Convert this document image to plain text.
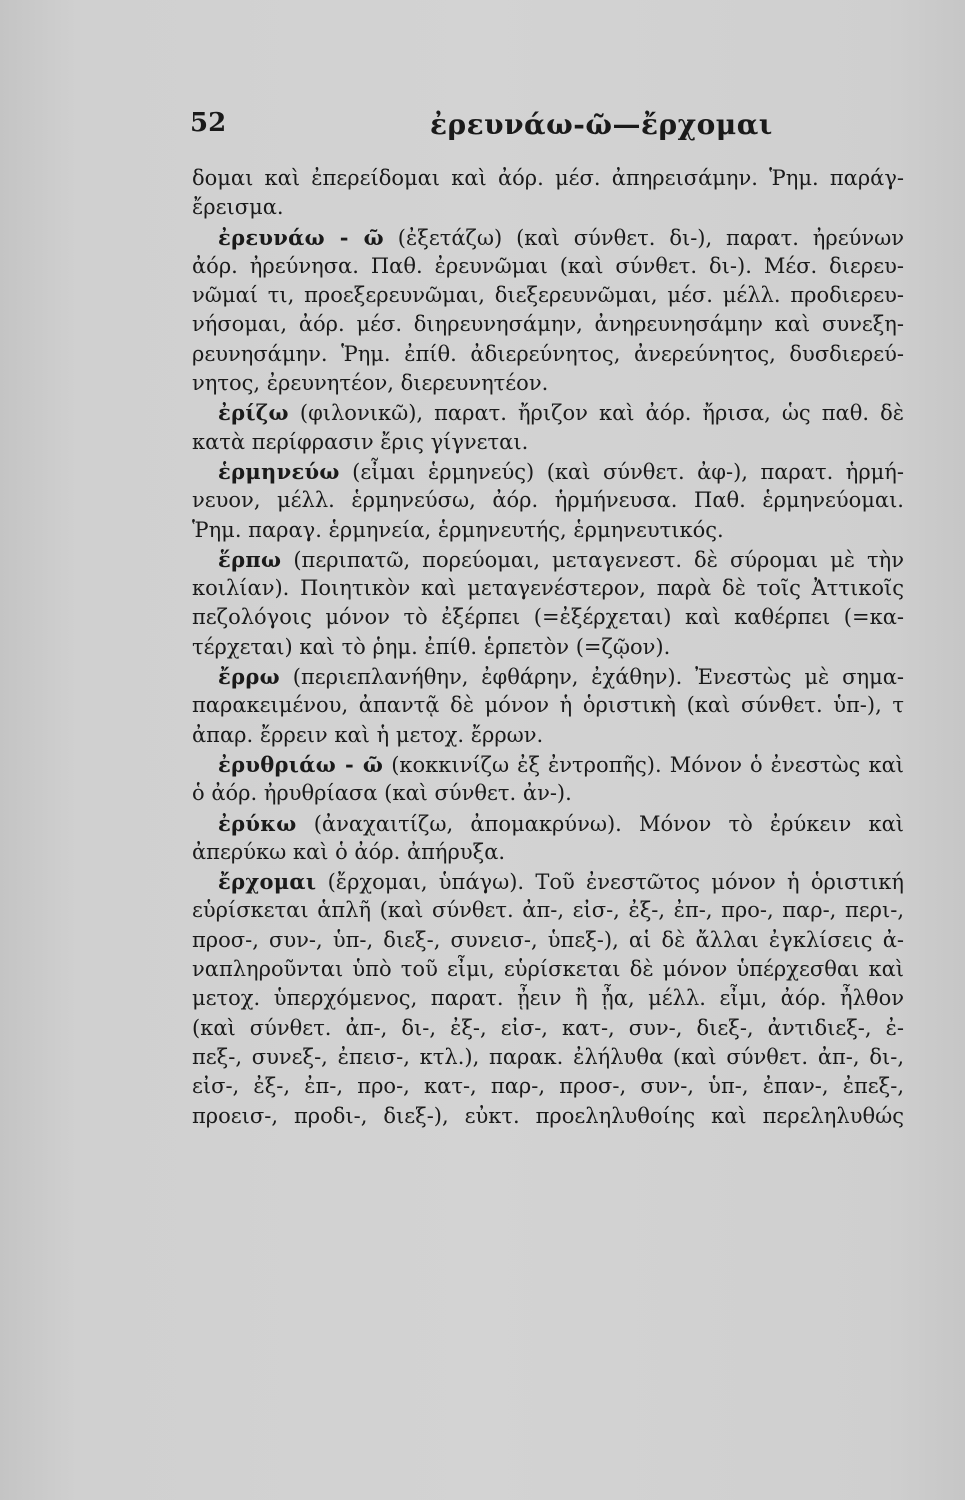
52	ἐρευνάω-ῶ—ἔρχομαι
δομαι καὶ ἐπερείδομαι καὶ ἀόρ. μέσ. ἀπηρεισάμην. Ῥημ. παράγ-
ἔρεισμα.
ἐρευνάω - ῶ (ἐξετάζω) (καὶ σύνθετ. δι-), παρατ. ἠρεύνων
ἀόρ. ἠρεύνησα. Παθ. ἐρευνῶμαι (καὶ σύνθετ. δι-). Μέσ. διερευ-
νῶμαί τι, προεξερευνῶμαι, διεξερευνῶμαι, μέσ. μέλλ. προδιερευ-
νήσομαι, ἀόρ. μέσ. διηρευνησάμην, ἀνηρευνησάμην καὶ συνεξη-
ρευνησάμην. Ῥημ. ἐπίθ. ἀδιερεύνητος, ἀνερεύνητος, δυσδιερεύ-
νητος, ἐρευνητέον, διερευνητέον.
ἐρίζω (φιλονικῶ), παρατ. ἤριζον καὶ ἀόρ. ἤρισα, ὡς παθ. δὲ
κατὰ περίφρασιν ἔρις γίγνεται.
ἑρμηνεύω (εἶμαι ἑρμηνεύς) (καὶ σύνθετ. ἀφ-), παρατ. ἡρμή-
νευον, μέλλ. ἑρμηνεύσω, ἀόρ. ἡρμήνευσα. Παθ. ἑρμηνεύομαι.
Ῥημ. παραγ. ἑρμηνεία, ἑρμηνευτής, ἑρμηνευτικός.
ἕρπω (περιπατῶ, πορεύομαι, μεταγενεστ. δὲ σύρομαι μὲ τὴν
κοιλίαν). Ποιητικὸν καὶ μεταγενέστερον, παρὰ δὲ τοῖς Ἀττικοῖς
πεζολόγοις μόνον τὸ ἐξέρπει (=ἐξέρχεται) καὶ καθέρπει (=κα-
τέρχεται) καὶ τὸ ῥημ. ἐπίθ. ἑρπετὸν (=ζῷον).
ἔρρω (περιεπλανήθην, ἐφθάρην, ἐχάθην). Ἐνεστὼς μὲ σημα-
παρακειμένου, ἀπαντᾷ δὲ μόνον ἡ ὁριστικὴ (καὶ σύνθετ. ὑπ-), τ
ἀπαρ. ἔρρειν καὶ ἡ μετοχ. ἔρρων.
ἐρυθριάω - ῶ (κοκκινίζω ἐξ ἐντροπῆς). Μόνον ὁ ἐνεστὼς καὶ
ὁ ἀόρ. ἠρυθρίασα (καὶ σύνθετ. ἀν-).
ἐρύκω (ἀναχαιτίζω, ἀπομακρύνω). Μόνον τὸ ἐρύκειν καὶ
ἀπερύκω καὶ ὁ ἀόρ. ἀπήρυξα.
ἔρχομαι (ἔρχομαι, ὑπάγω). Τοῦ ἐνεστῶτος μόνον ἡ ὁριστική
εὑρίσκεται ἁπλῆ (καὶ σύνθετ. ἀπ-, εἰσ-, ἐξ-, ἐπ-, προ-, παρ-, περι-,
προσ-, συν-, ὑπ-, διεξ-, συνεισ-, ὑπεξ-), αἱ δὲ ἄλλαι ἐγκλίσεις ἀ-
ναπληροῦνται ὑπὸ τοῦ εἶμι, εὑρίσκεται δὲ μόνον ὑπέρχεσθαι καὶ
μετοχ. ὑπερχόμενος, παρατ. ᾖειν ἢ ᾖα, μέλλ. εἶμι, ἀόρ. ἦλθον
(καὶ σύνθετ. ἀπ-, δι-, ἐξ-, εἰσ-, κατ-, συν-, διεξ-, ἀντιδιεξ-, ἐ-
πεξ-, συνεξ-, ἐπεισ-, κτλ.), παρακ. ἐλήλυθα (καὶ σύνθετ. ἀπ-, δι-,
εἰσ-, ἐξ-, ἐπ-, προ-, κατ-, παρ-, προσ-, συν-, ὑπ-, ἐπαν-, ἐπεξ-,
προεισ-, προδι-, διεξ-), εὐκτ. προεληλυθοίης καὶ περεληλυθώς
